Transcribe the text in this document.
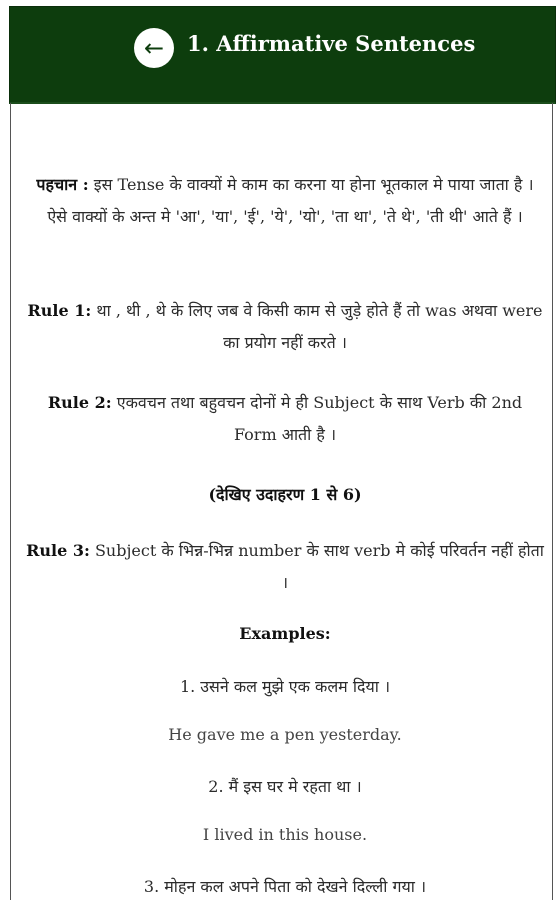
←	1. Affirmative Sentences
पहचान : इस Tense के वाक्यों मे काम का करना या होना भूतकाल मे पाया जाता है । ऐसे वाक्यों के अन्त मे 'आ', 'या', 'ई', 'ये', 'यो', 'ता था', 'ते थे', 'ती थी' आते हैं ।
Rule 1: था , थी , थे के लिए जब वे किसी काम से जुड़े होते हैं तो was अथवा were का प्रयोग नहीं करते ।
Rule 2: एकवचन तथा बहुवचन दोनों मे ही Subject के साथ Verb की 2nd Form आती है ।
(देखिए उदाहरण 1 से 6)
Rule 3: Subject के भिन्न-भिन्न number के साथ verb मे कोई परिवर्तन नहीं होता ।
Examples:
1. उसने कल मुझे एक कलम दिया ।
He gave me a pen yesterday.
2. मैं इस घर मे रहता था ।
I lived in this house.
3. मोहन कल अपने पिता को देखने दिल्ली गया ।
